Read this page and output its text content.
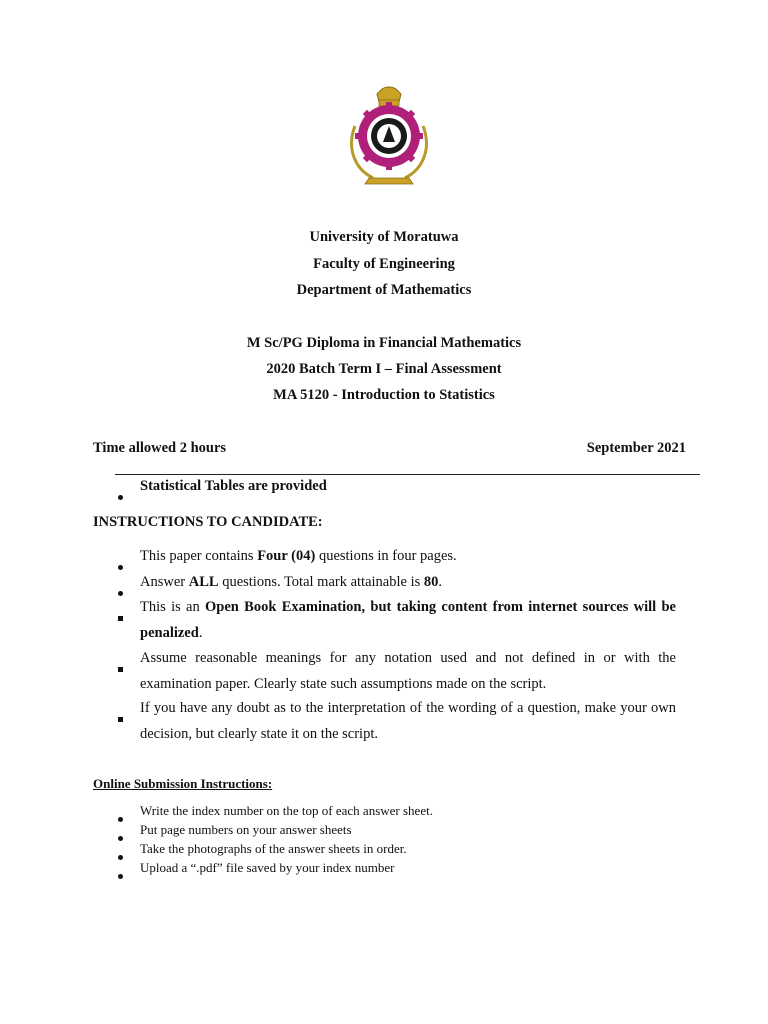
University of Moratuwa
Faculty of Engineering
Department of Mathematics
M Sc/PG Diploma in Financial Mathematics
2020 Batch Term I – Final Assessment
MA 5120 - Introduction to Statistics
Time allowed 2 hours	September 2021
Statistical Tables are provided
INSTRUCTIONS TO CANDIDATE:
This paper contains Four (04) questions in four pages.
Answer ALL questions. Total mark attainable is 80.
This is an Open Book Examination, but taking content from internet sources will be penalized.
Assume reasonable meanings for any notation used and not defined in or with the examination paper. Clearly state such assumptions made on the script.
If you have any doubt as to the interpretation of the wording of a question, make your own decision, but clearly state it on the script.
Online Submission Instructions:
Write the index number on the top of each answer sheet.
Put page numbers on your answer sheets
Take the photographs of the answer sheets in order.
Upload a “.pdf” file saved by your index number
